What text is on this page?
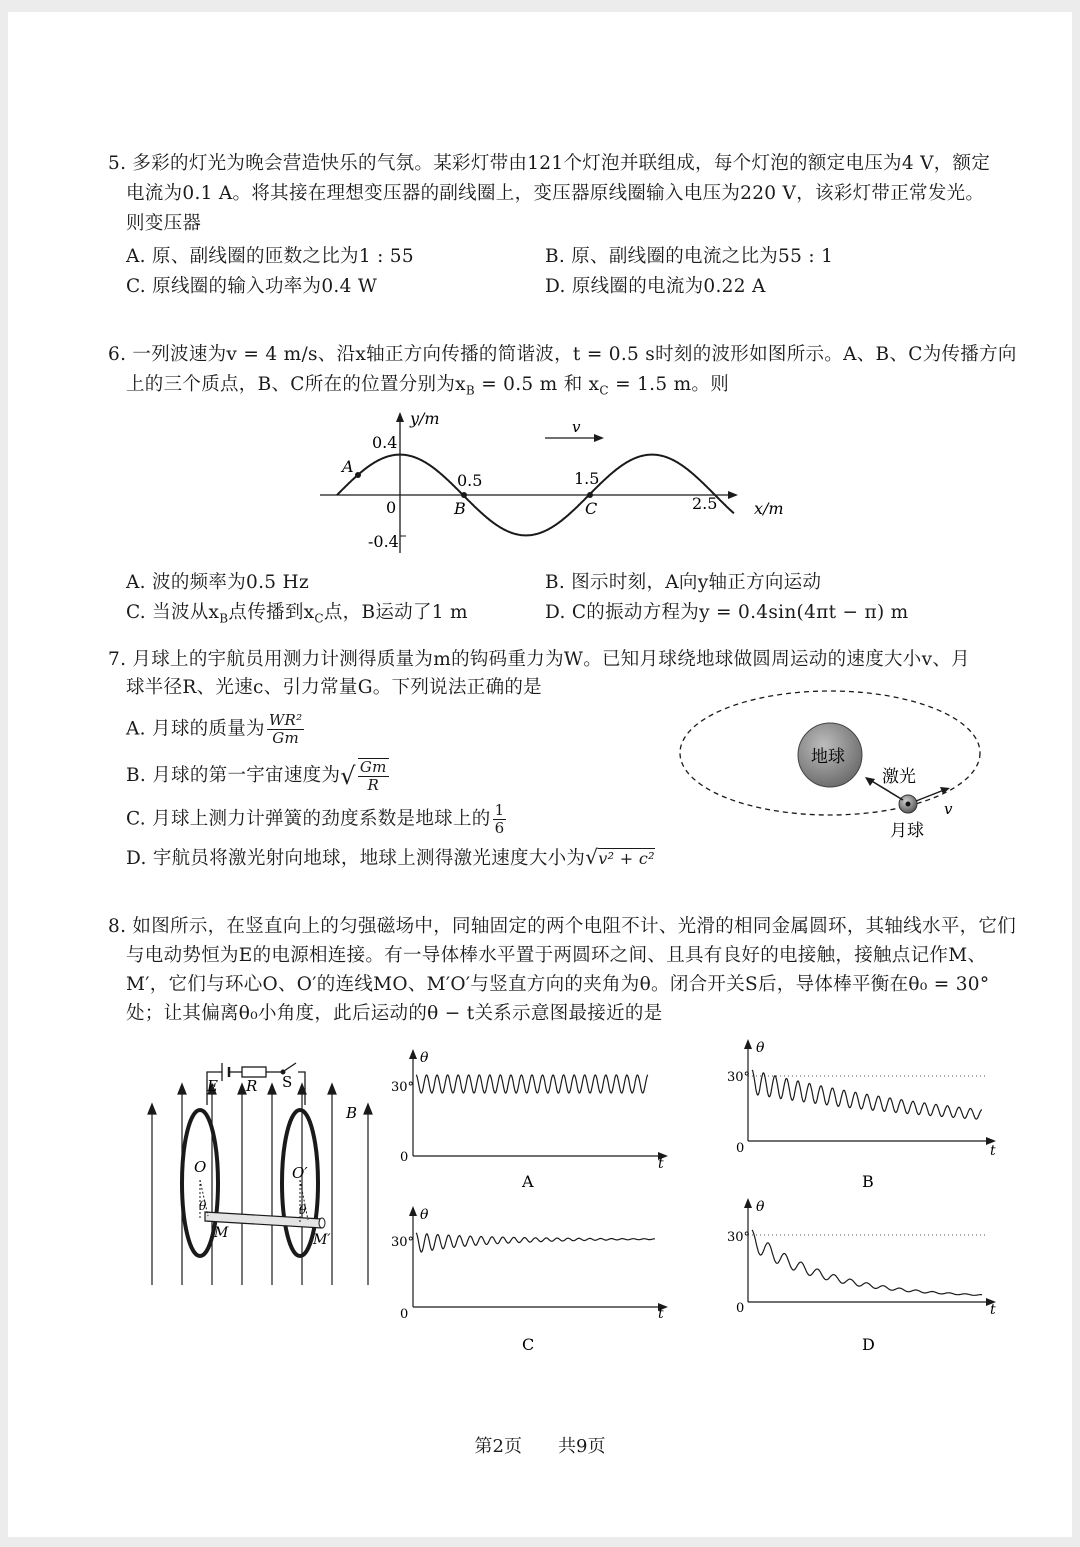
5. 多彩的灯光为晚会营造快乐的气氛。某彩灯带由121个灯泡并联组成，每个灯泡的额定电压为4 V，额定
电流为0.1 A。将其接在理想变压器的副线圈上，变压器原线圈输入电压为220 V，该彩灯带正常发光。
则变压器
A. 原、副线圈的匝数之比为1 : 55	B. 原、副线圈的电流之比为55 : 1
C. 原线圈的输入功率为0.4 W	D. 原线圈的电流为0.22 A
6. 一列波速为v = 4 m/s、沿x轴正方向传播的简谐波，t = 0.5 s时刻的波形如图所示。A、B、C为传播方向
上的三个质点，B、C所在的位置分别为$x_B = 0.5$ m 和 $x_C = 1.5$ m。则
y/m
0.4
-0.4
0
0.5	1.5
2.5 x/m
v
A
B	C
A. 波的频率为0.5 Hz	B. 图示时刻，A向y轴正方向运动
C. 当波从$x_B$点传播到$x_C$点，B运动了1 m	D. C的振动方程为y = 0.4sin(4πt − π) m
7. 月球上的宇航员用测力计测得质量为m的钩码重力为W。已知月球绕地球做圆周运动的速度大小v、月
球半径R、光速c、引力常量G。下列说法正确的是
A. 月球的质量为 $\frac{\text{WR²}}{Gm}$
B. 月球的第一宇宙速度为√ $\frac{Gm}{R}$
C. 月球上测力计弹簧的劲度系数是地球上的 $\frac{1}{6}$
D. 宇航员将激光射向地球，地球上测得激光速度大小为√v² + c²
地球
激光
月球
v
8. 如图所示，在竖直向上的匀强磁场中，同轴固定的两个电阻不计、光滑的相同金属圆环，其轴线水平，它们
与电动势恒为E的电源相连接。有一导体棒水平置于两圆环之间、且具有良好的电接触，接触点记作M、
M′，它们与环心O、O′的连线MO、M′O′与竖直方向的夹角为θ。闭合开关S后，导体棒平衡在θ₀ = 30°
处；让其偏离θ₀小角度，此后运动的θ − t关系示意图最接近的是
E R S
B
O	O′
M	M′
θ	θ
θ
30°
0	t
A
θ
30°
0	t
B
θ
30°
0	t
C
θ
30°
0	t
D
第2页　　共9页
